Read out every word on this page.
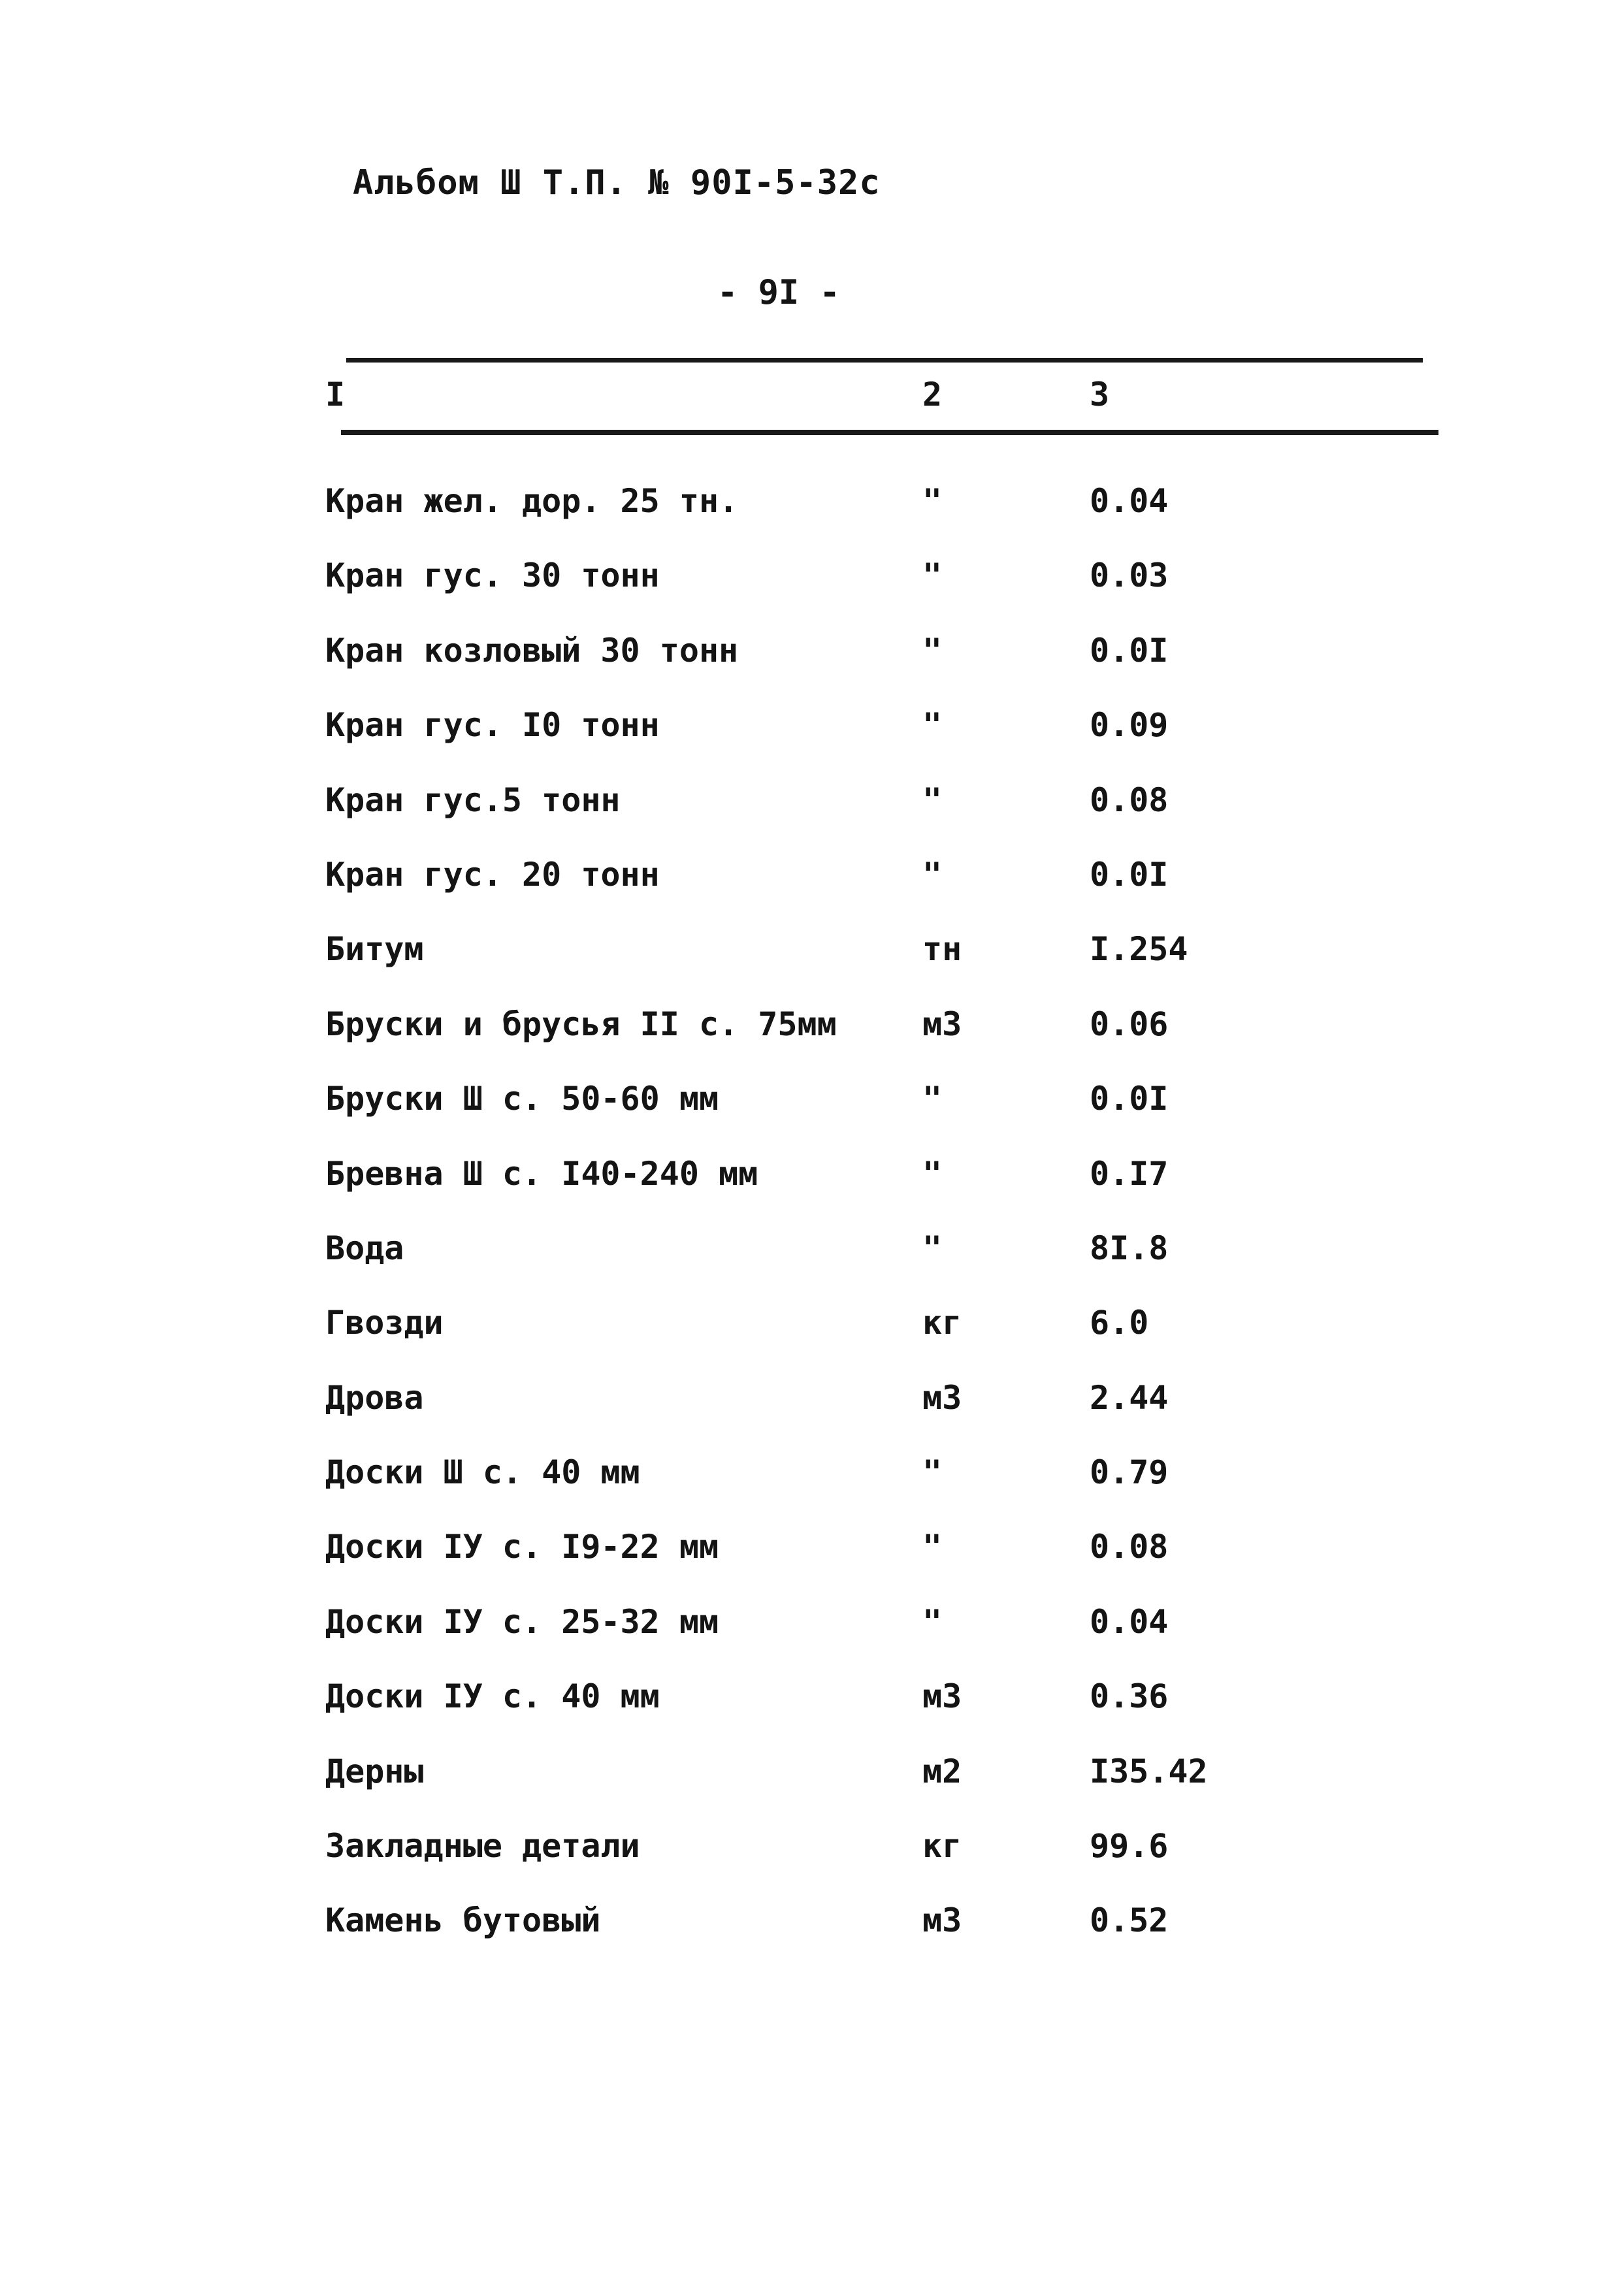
Альбом Ш Т.П. № 90I-5-32с
- 9I -
I	2	3
Кран жел. дор. 25 тн.	"	0.04
Кран гус. 30 тонн	"	0.03
Кран козловый 30 тонн	"	0.0I
Кран гус. I0 тонн	"	0.09
Кран гус.5 тонн	"	0.08
Кран гус. 20 тонн	"	0.0I
Битум	тн	I.254
Бруски и брусья II с. 75мм	м3	0.06
Бруски Ш с. 50-60 мм	"	0.0I
Бревна Ш с. I40-240 мм	"	0.I7
Вода	"	8I.8
Гвозди	кг	6.0
Дрова	м3	2.44
Доски Ш с. 40 мм	"	0.79
Доски IУ с. I9-22 мм	"	0.08
Доски IУ с. 25-32 мм	"	0.04
Доски IУ с. 40 мм	м3	0.36
Дерны	м2	I35.42
Закладные детали	кг	99.6
Камень бутовый	м3	0.52
